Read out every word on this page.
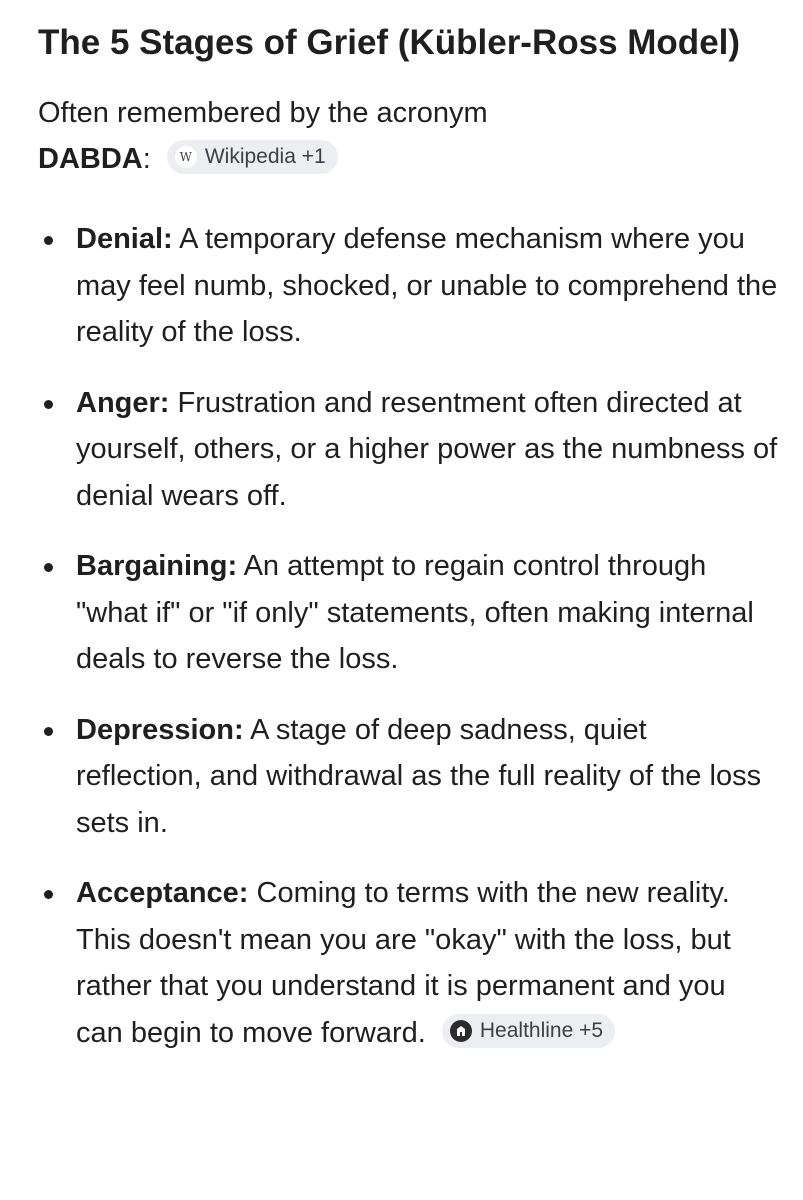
The 5 Stages of Grief (Kübler-Ross Model)
Often remembered by the acronym
DABDA:	W Wikipedia +1
Denial: A temporary defense mechanism where you may feel numb, shocked, or unable to comprehend the reality of the loss.
Anger: Frustration and resentment often directed at yourself, others, or a higher power as the numbness of denial wears off.
Bargaining: An attempt to regain control through "what if" or "if only" statements, often making internal deals to reverse the loss.
Depression: A stage of deep sadness, quiet reflection, and withdrawal as the full reality of the loss sets in.
Acceptance: Coming to terms with the new reality. This doesn't mean you are "okay" with the loss, but rather that you understand it is permanent and you can begin to move forward.	Healthline +5
